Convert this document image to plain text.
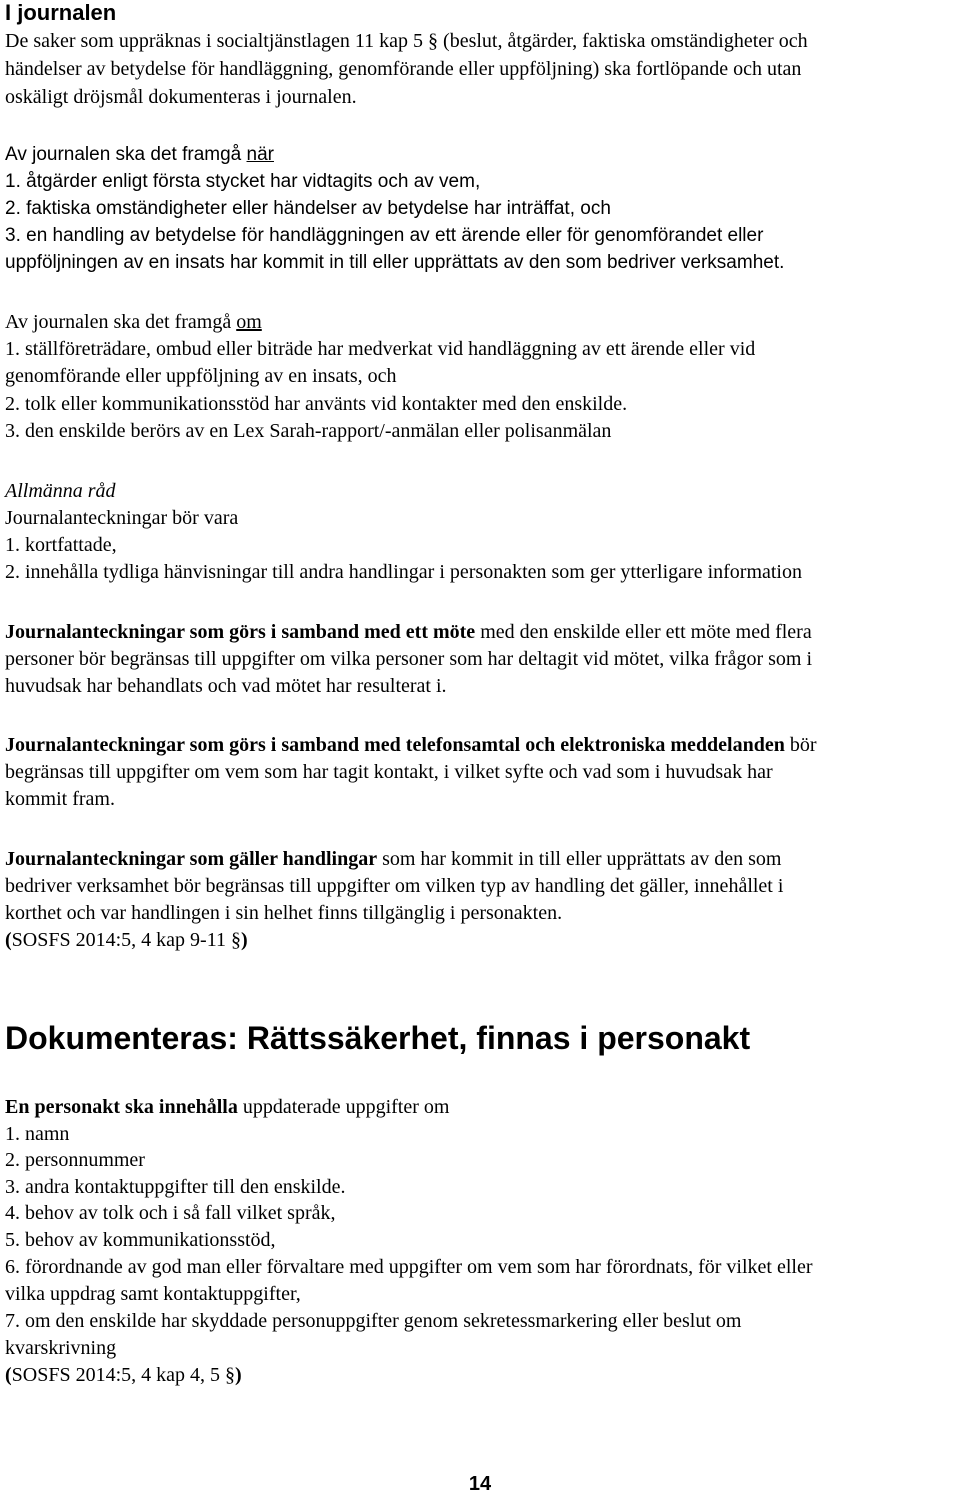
I journalen
De saker som uppräknas i socialtjänstlagen 11 kap 5 § (beslut, åtgärder, faktiska omständigheter och
händelser av betydelse för handläggning, genomförande eller uppföljning) ska fortlöpande och utan
oskäligt dröjsmål dokumenteras i journalen.
Av journalen ska det framgå när
1. åtgärder enligt första stycket har vidtagits och av vem,
2. faktiska omständigheter eller händelser av betydelse har inträffat, och
3. en handling av betydelse för handläggningen av ett ärende eller för genomförandet eller
uppföljningen av en insats har kommit in till eller upprättats av den som bedriver verksamhet.
Av journalen ska det framgå om
1. ställföreträdare, ombud eller biträde har medverkat vid handläggning av ett ärende eller vid
genomförande eller uppföljning av en insats, och
2. tolk eller kommunikationsstöd har använts vid kontakter med den enskilde.
3. den enskilde berörs av en Lex Sarah-rapport/-anmälan eller polisanmälan
Allmänna råd
Journalanteckningar bör vara
1. kortfattade,
2. innehålla tydliga hänvisningar till andra handlingar i personakten som ger ytterligare information
Journalanteckningar som görs i samband med ett möte med den enskilde eller ett möte med flera
personer bör begränsas till uppgifter om vilka personer som har deltagit vid mötet, vilka frågor som i
huvudsak har behandlats och vad mötet har resulterat i.
Journalanteckningar som görs i samband med telefonsamtal och elektroniska meddelanden bör
begränsas till uppgifter om vem som har tagit kontakt, i vilket syfte och vad som i huvudsak har
kommit fram.
Journalanteckningar som gäller handlingar som har kommit in till eller upprättats av den som
bedriver verksamhet bör begränsas till uppgifter om vilken typ av handling det gäller, innehållet i
korthet och var handlingen i sin helhet finns tillgänglig i personakten.
(SOSFS 2014:5, 4 kap 9-11 §)
Dokumenteras: Rättssäkerhet, finnas i personakt
En personakt ska innehålla uppdaterade uppgifter om
1. namn
2. personnummer
3. andra kontaktuppgifter till den enskilde.
4. behov av tolk och i så fall vilket språk,
5. behov av kommunikationsstöd,
6. förordnande av god man eller förvaltare med uppgifter om vem som har förordnats, för vilket eller
vilka uppdrag samt kontaktuppgifter,
7. om den enskilde har skyddade personuppgifter genom sekretessmarkering eller beslut om
kvarskrivning
(SOSFS 2014:5, 4 kap 4, 5 §)
14
